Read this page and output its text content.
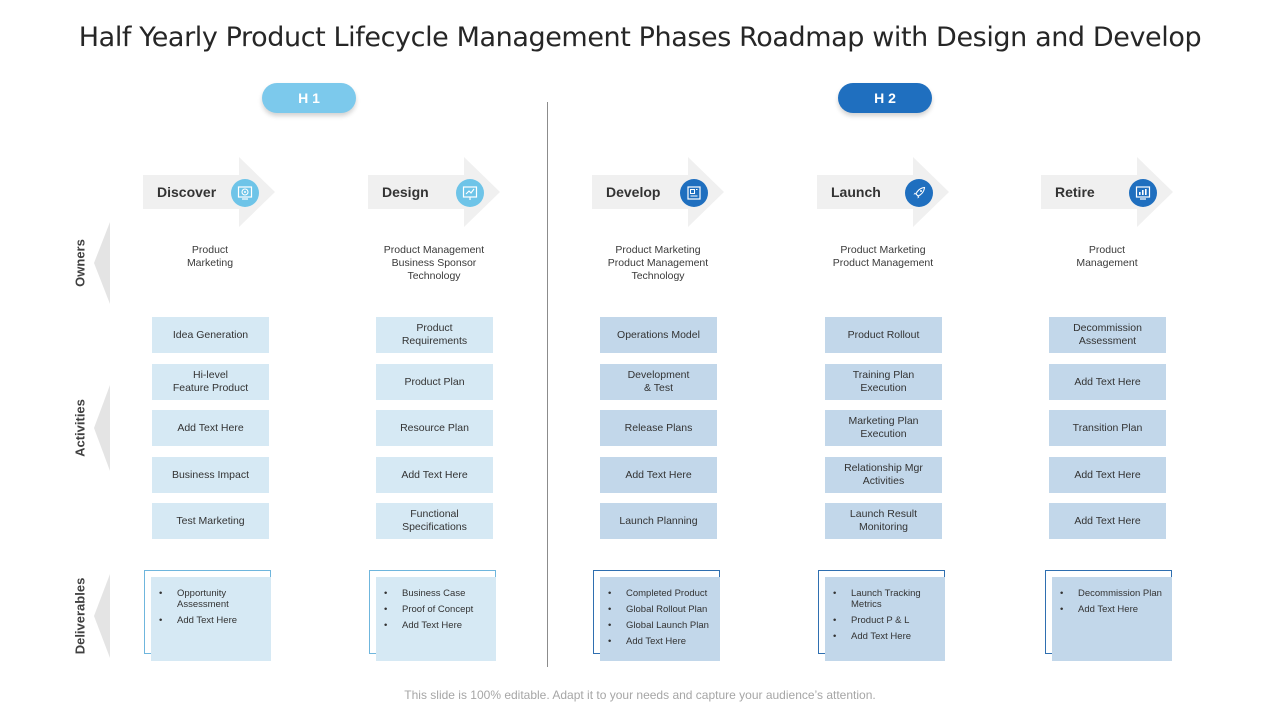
Half Yearly Product Lifecycle Management Phases Roadmap with Design and Develop
H 1	H 2
Owners
Activities
Deliverables
Discover
Product
Marketing
Idea Generation
Hi-level
Feature Product
Add Text Here
Business Impact
Test Marketing
• Opportunity Assessment
• Add Text Here
Design
Product Management
Business Sponsor
Technology
Product
Requirements
Product Plan
Resource Plan
Add Text Here
Functional
Specifications
• Business Case
• Proof of Concept
• Add Text Here
Develop
Product Marketing
Product Management
Technology
Operations Model
Development
& Test
Release Plans
Add Text Here
Launch Planning
• Completed Product
• Global Rollout Plan
• Global Launch Plan
• Add Text Here
Launch
Product Marketing
Product Management
Product Rollout
Training Plan
Execution
Marketing Plan
Execution
Relationship Mgr
Activities
Launch Result
Monitoring
• Launch Tracking Metrics
• Product P & L
• Add Text Here
Retire
Product
Management
Decommission
Assessment
Add Text Here
Transition Plan
Add Text Here
Add Text Here
• Decommission Plan
• Add Text Here
This slide is 100% editable. Adapt it to your needs and capture your audience’s attention.
